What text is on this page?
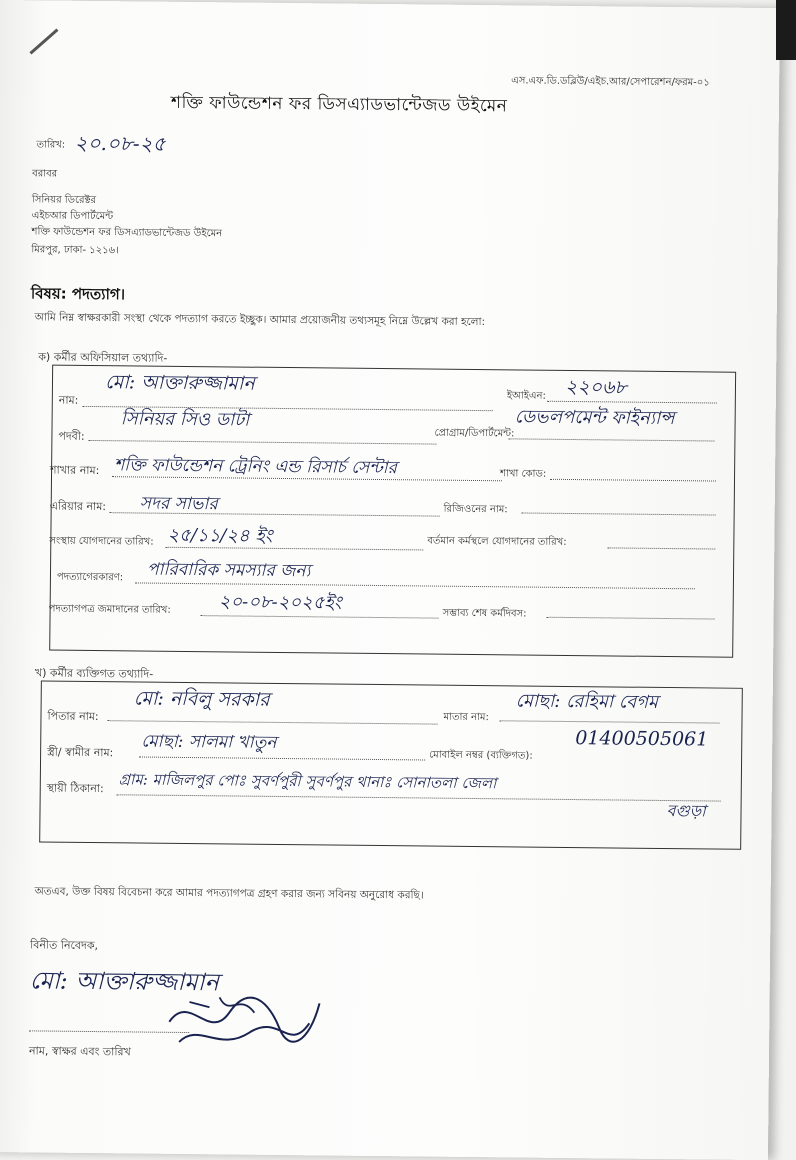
এস.এফ.ডি.ডব্লিউ/এইচ.আর/সেপারেশন/ফরম-০১
শক্তি ফাউন্ডেশন ফর ডিসএ্যাডভান্টেজড উইমেন
তারিখ: ২০.০৮-২৫
বরাবর
সিনিয়র ডিরেক্টর
এইচআর ডিপার্টমেন্ট
শক্তি ফাউন্ডেশন ফর ডিসএ্যাডভান্টেজড উইমেন
মিরপুর, ঢাকা- ১২১৬।
বিষয়: পদত্যাগ।
আমি নিম্ন স্বাক্ষরকারী সংস্থা থেকে পদত্যাগ করতে ইচ্ছুক। আমার প্রয়োজনীয় তথ্যসমূহ নিম্নে উল্লেখ করা হলো:
ক) কর্মীর অফিসিয়াল তথ্যাদি-
নাম:
মো: আক্তারুজ্জামান
ইআইএন: ২২০৬৮
পদবী:
সিনিয়র সিও ডাটা
প্রোগ্রাম/ডিপার্টমেন্ট:
ডেভলপমেন্ট ফাইন্যান্স
শাখার নাম: শক্তি ফাউন্ডেশন ট্রেনিং এন্ড রিসার্চ সেন্টার	শাখা কোড:
এরিয়ার নাম: সদর সাভার	রিজিওনের নাম:
সংস্থায় যোগদানের তারিখ: ২৫/১১/২৪ ইং	বর্তমান কর্মস্থলে যোগদানের তারিখ:
পদত্যাগেরকারণ: পারিবারিক সমস্যার জন্য
পদত্যাগপত্র জমাদানের তারিখ:	২০-০৮-২০২৫ইং	সম্ভাব্য শেষ কর্মদিবস:
খ) কর্মীর ব্যক্তিগত তথ্যাদি-
পিতার নাম:
মো: নবিলু সরকার
মাতার নাম:
মোছা: রেহিমা বেগম
স্ত্রী/ স্বামীর নাম: মোছা: সালমা খাতুন
মোবাইল নম্বর (ব্যক্তিগত):
01400505061
স্থায়ী ঠিকানা: গ্রাম: মাজিলপুর পোঃ সুবর্ণপুরী সুবর্ণপুর থানাঃ সোনাতলা জেলা
বগুড়া
অতএব, উক্ত বিষয় বিবেচনা করে আমার পদত্যাগপত্র গ্রহণ করার জন্য সবিনয় অনুরোধ করছি।
বিনীত নিবেদক,
মো: আক্তারুজ্জামান
নাম, স্বাক্ষর এবং তারিখ
